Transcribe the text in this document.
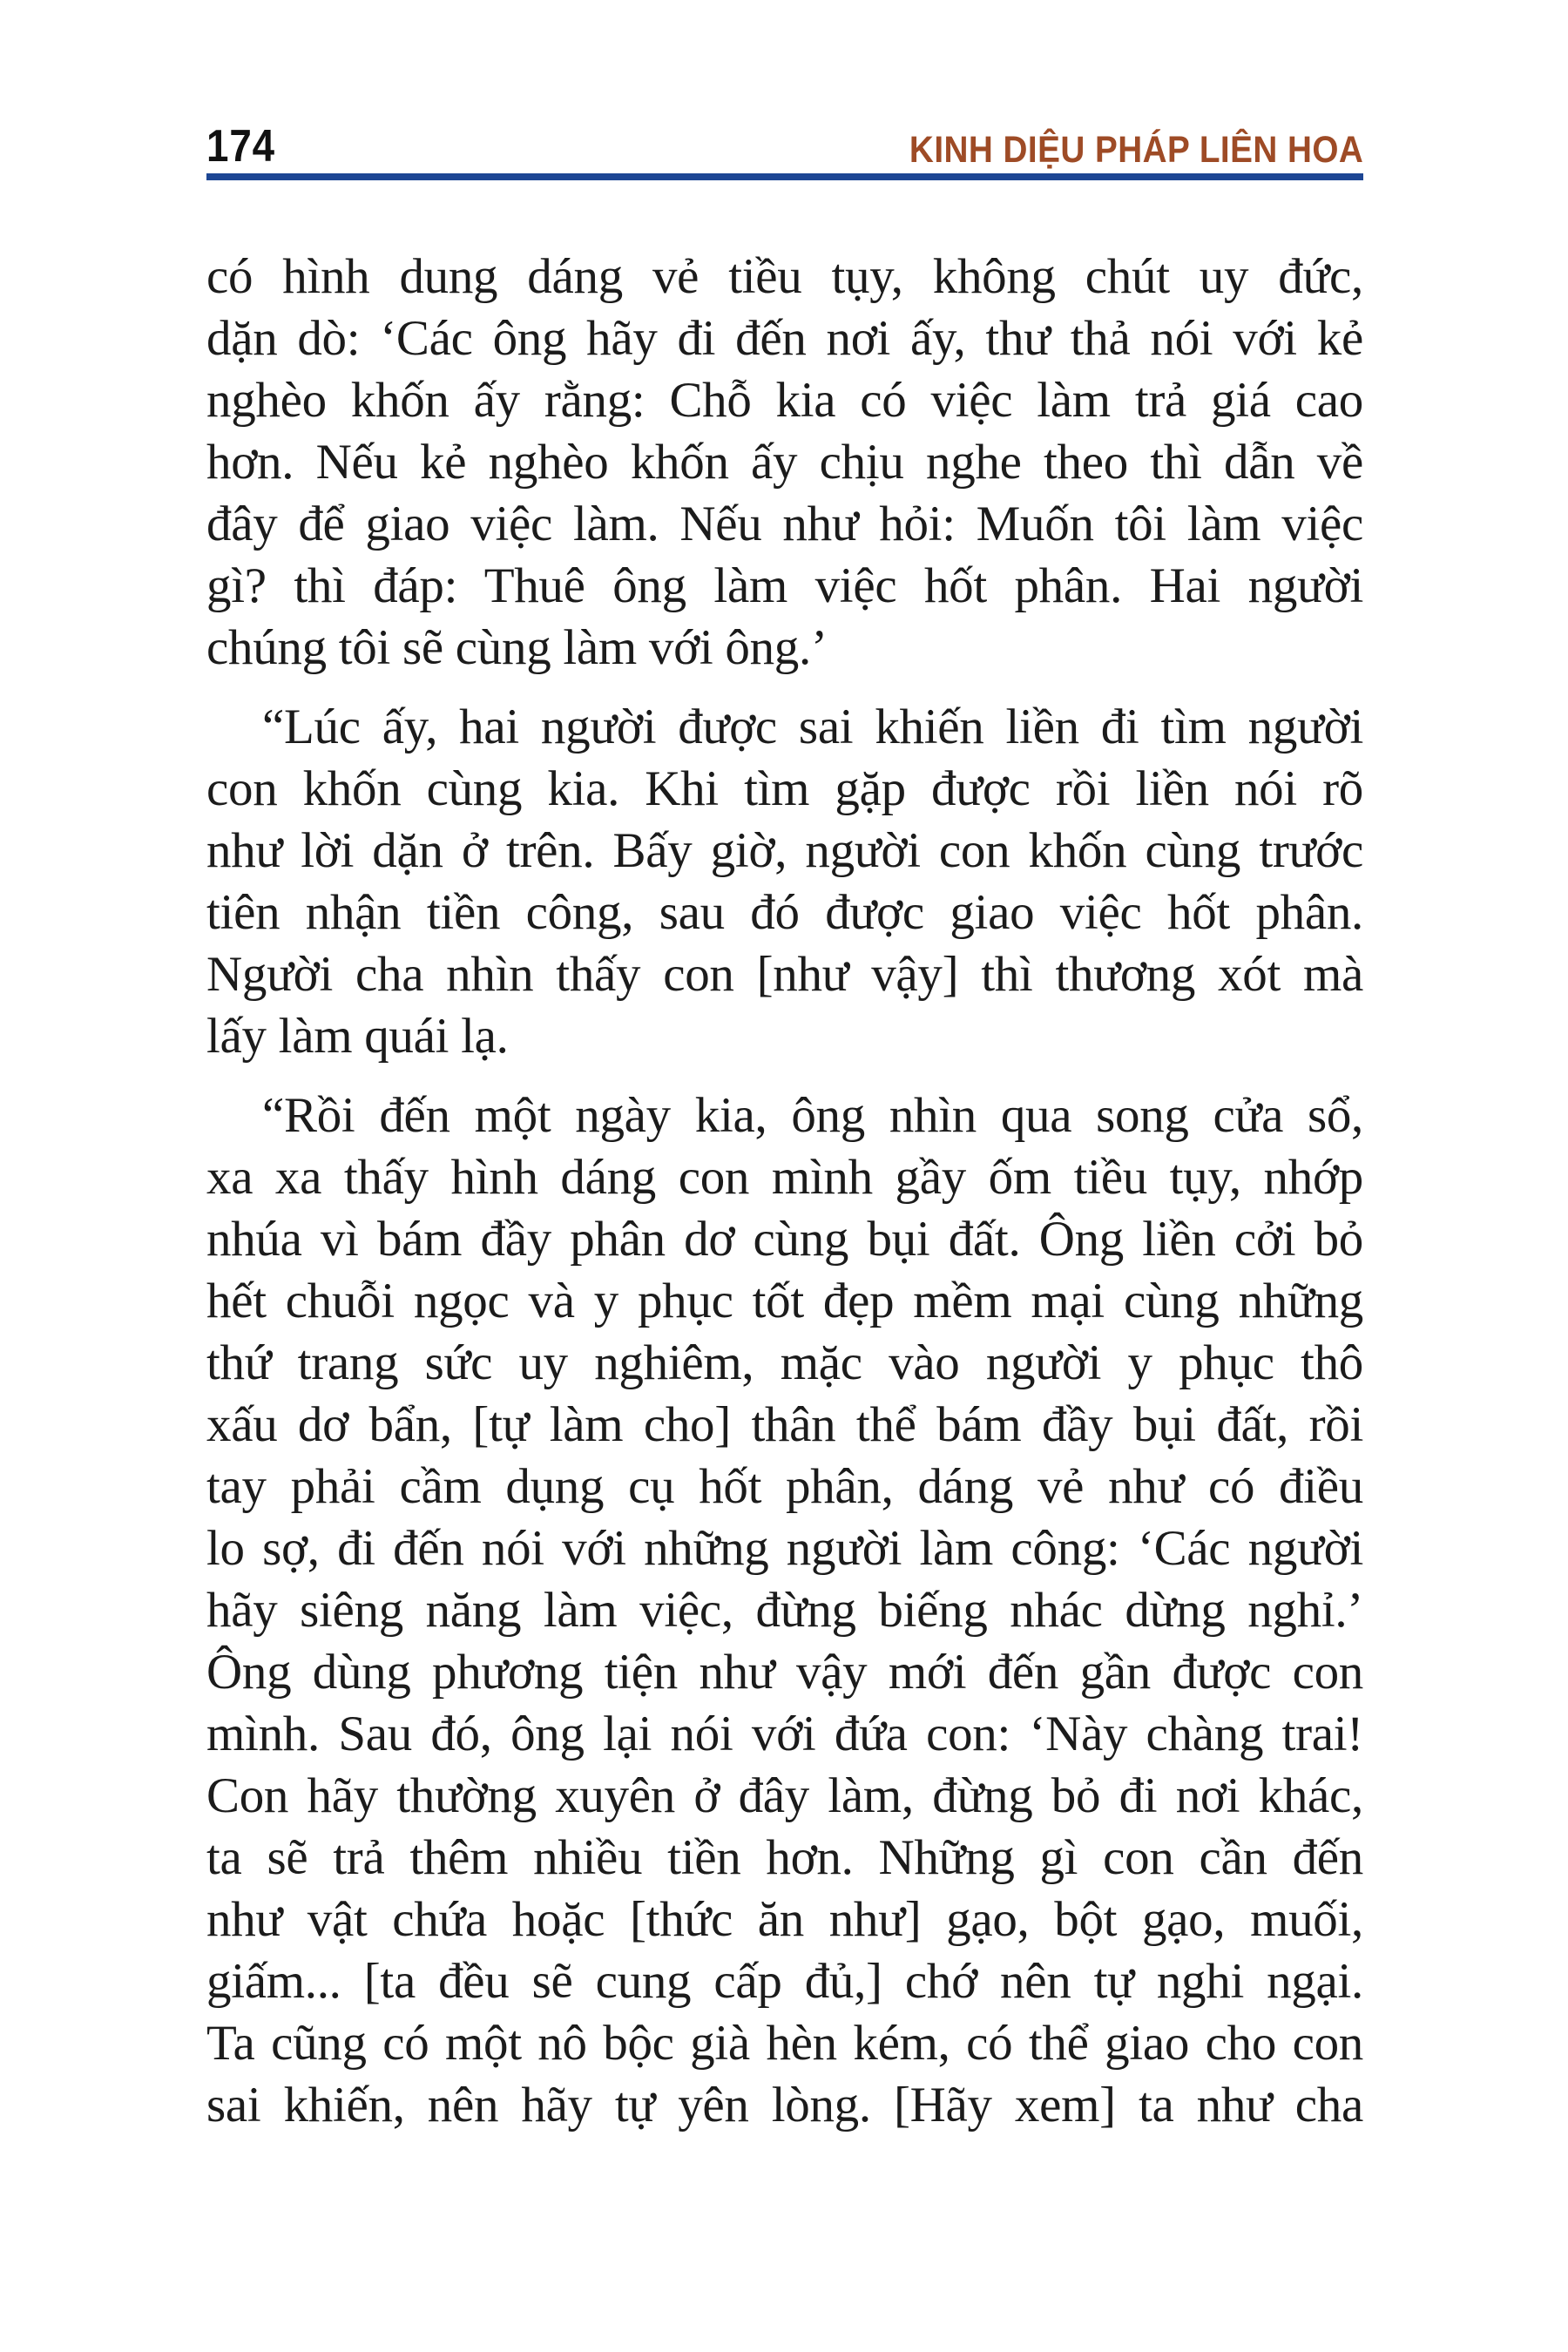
174	KINH DIỆU PHÁP LIÊN HOA
có hình dung dáng vẻ tiều tụy, không chút uy đức,
dặn dò: ‘Các ông hãy đi đến nơi ấy, thư thả nói với kẻ
nghèo khốn ấy rằng: Chỗ kia có việc làm trả giá cao
hơn. Nếu kẻ nghèo khốn ấy chịu nghe theo thì dẫn về
đây để giao việc làm. Nếu như hỏi: Muốn tôi làm việc
gì? thì đáp: Thuê ông làm việc hốt phân. Hai người
chúng tôi sẽ cùng làm với ông.’
“Lúc ấy, hai người được sai khiến liền đi tìm người
con khốn cùng kia. Khi tìm gặp được rồi liền nói rõ
như lời dặn ở trên. Bấy giờ, người con khốn cùng trước
tiên nhận tiền công, sau đó được giao việc hốt phân.
Người cha nhìn thấy con [như vậy] thì thương xót mà
lấy làm quái lạ.
“Rồi đến một ngày kia, ông nhìn qua song cửa sổ,
xa xa thấy hình dáng con mình gầy ốm tiều tụy, nhớp
nhúa vì bám đầy phân dơ cùng bụi đất. Ông liền cởi bỏ
hết chuỗi ngọc và y phục tốt đẹp mềm mại cùng những
thứ trang sức uy nghiêm, mặc vào người y phục thô
xấu dơ bẩn, [tự làm cho] thân thể bám đầy bụi đất, rồi
tay phải cầm dụng cụ hốt phân, dáng vẻ như có điều
lo sợ, đi đến nói với những người làm công: ‘Các người
hãy siêng năng làm việc, đừng biếng nhác dừng nghỉ.’
Ông dùng phương tiện như vậy mới đến gần được con
mình. Sau đó, ông lại nói với đứa con: ‘Này chàng trai!
Con hãy thường xuyên ở đây làm, đừng bỏ đi nơi khác,
ta sẽ trả thêm nhiều tiền hơn. Những gì con cần đến
như vật chứa hoặc [thức ăn như] gạo, bột gạo, muối,
giấm... [ta đều sẽ cung cấp đủ,] chớ nên tự nghi ngại.
Ta cũng có một nô bộc già hèn kém, có thể giao cho con
sai khiến, nên hãy tự yên lòng. [Hãy xem] ta như cha
